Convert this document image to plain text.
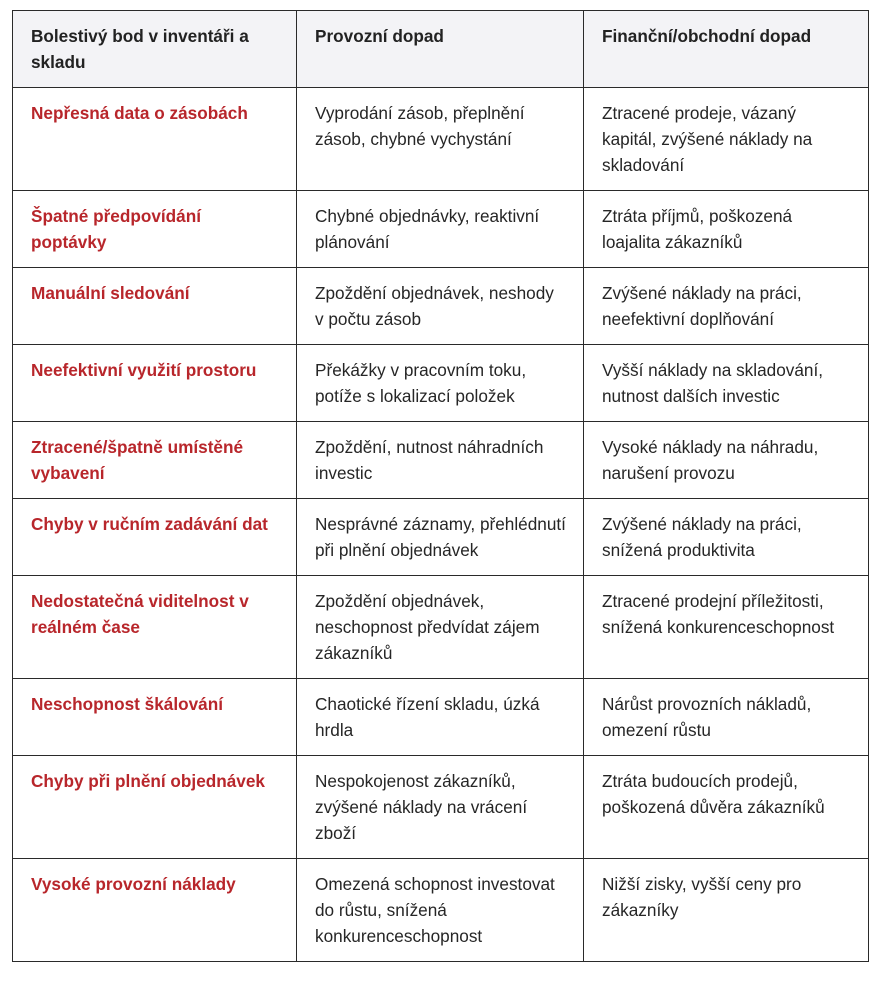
Bolestivý bod v inventáři a skladu	Provozní dopad	Finanční/obchodní dopad
Nepřesná data o zásobách	Vyprodání zásob, přeplnění zásob, chybné vychystání	Ztracené prodeje, vázaný kapitál, zvýšené náklady na skladování
Špatné předpovídání poptávky	Chybné objednávky, reaktivní plánování	Ztráta příjmů, poškozená loajalita zákazníků
Manuální sledování	Zpoždění objednávek, neshody v počtu zásob	Zvýšené náklady na práci, neefektivní doplňování
Neefektivní využití prostoru	Překážky v pracovním toku, potíže s lokalizací položek	Vyšší náklady na skladování, nutnost dalších investic
Ztracené/špatně umístěné vybavení	Zpoždění, nutnost náhradních investic	Vysoké náklady na náhradu, narušení provozu
Chyby v ručním zadávání dat	Nesprávné záznamy, přehlédnutí při plnění objednávek	Zvýšené náklady na práci, snížená produktivita
Nedostatečná viditelnost v reálném čase	Zpoždění objednávek, neschopnost předvídat zájem zákazníků	Ztracené prodejní příležitosti, snížená konkurenceschopnost
Neschopnost škálování	Chaotické řízení skladu, úzká hrdla	Nárůst provozních nákladů, omezení růstu
Chyby při plnění objednávek	Nespokojenost zákazníků, zvýšené náklady na vrácení zboží	Ztráta budoucích prodejů, poškozená důvěra zákazníků
Vysoké provozní náklady	Omezená schopnost investovat do růstu, snížená konkurenceschopnost	Nižší zisky, vyšší ceny pro zákazníky
